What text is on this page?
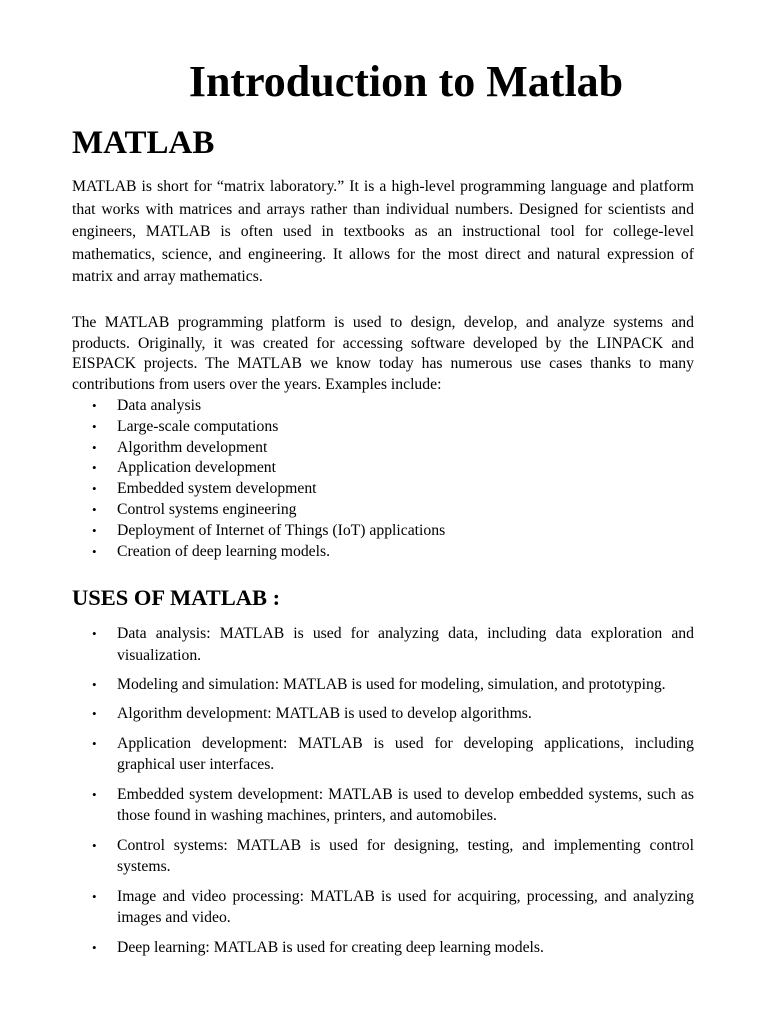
Introduction to Matlab
MATLAB

MATLAB is short for “matrix laboratory.” It is a high-level programming language and platform that works with matrices and arrays rather than individual numbers. Designed for scientists and engineers, MATLAB is often used in textbooks as an instructional tool for college-level mathematics, science, and engineering. It allows for the most direct and natural expression of matrix and array mathematics.

The MATLAB programming platform is used to design, develop, and analyze systems and products. Originally, it was created for accessing software developed by the LINPACK and EISPACK projects. The MATLAB we know today has numerous use cases thanks to many contributions from users over the years. Examples include:

• Data analysis
• Large-scale computations
• Algorithm development
• Application development
• Embedded system development
• Control systems engineering
• Deployment of Internet of Things (IoT) applications
• Creation of deep learning models.
USES OF MATLAB :
• Data analysis: MATLAB is used for analyzing data, including data exploration and visualization.
• Modeling and simulation: MATLAB is used for modeling, simulation, and prototyping.
• Algorithm development: MATLAB is used to develop algorithms.
• Application development: MATLAB is used for developing applications, including graphical user interfaces.
• Embedded system development: MATLAB is used to develop embedded systems, such as those found in washing machines, printers, and automobiles.
• Control systems: MATLAB is used for designing, testing, and implementing control systems.
• Image and video processing: MATLAB is used for acquiring, processing, and analyzing images and video.
• Deep learning: MATLAB is used for creating deep learning models.
